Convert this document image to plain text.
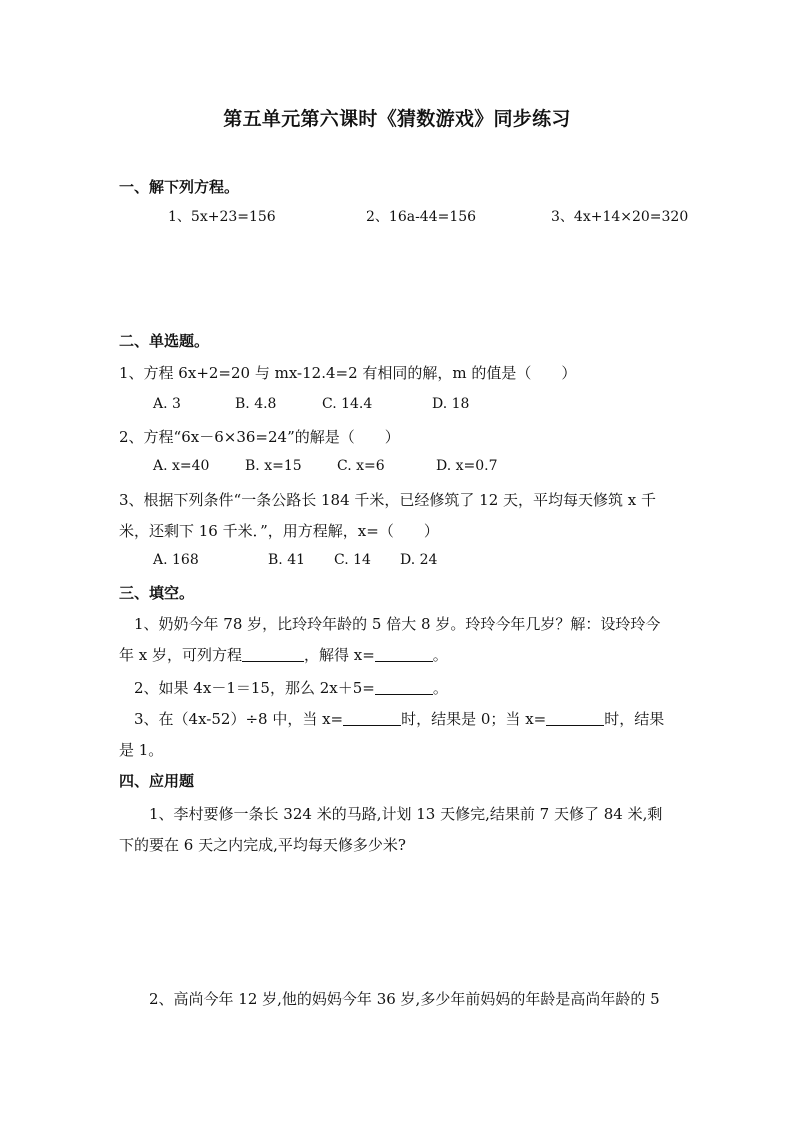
第五单元第六课时《猜数游戏》同步练习
一、解下列方程。
1、5x+23=156	2、16a-44=156	3、4x+14×20=320
二、单选题。
1、方程 6x+2=20 与 mx-12.4=2 有相同的解，m 的值是（　　）
A. 3	B. 4.8	C. 14.4	D. 18
2、方程“6x－6×36=24”的解是（　　）
A. x=40	B. x=15	C. x=6	D. x=0.7
3、根据下列条件“一条公路长 184 千米，已经修筑了 12 天，平均每天修筑 x 千
米，还剩下 16 千米．”，用方程解，x=（　　）
A. 168	B. 41 C. 14 D. 24
三、填空。
1、奶奶今年 78 岁，比玲玲年龄的 5 倍大 8 岁。玲玲今年几岁？解：设玲玲今
年 x 岁，可列方程	，解得 x=	。
2、如果 4x－1＝15，那么 2x＋5=	。
3、在（4x-52）÷8 中，当 x=	时，结果是 0；当 x=	时，结果
是 1。
四、应用题
1、李村要修一条长 324 米的马路,计划 13 天修完,结果前 7 天修了 84 米,剩
下的要在 6 天之内完成,平均每天修多少米?
2、高尚今年 12 岁,他的妈妈今年 36 岁,多少年前妈妈的年龄是高尚年龄的 5
